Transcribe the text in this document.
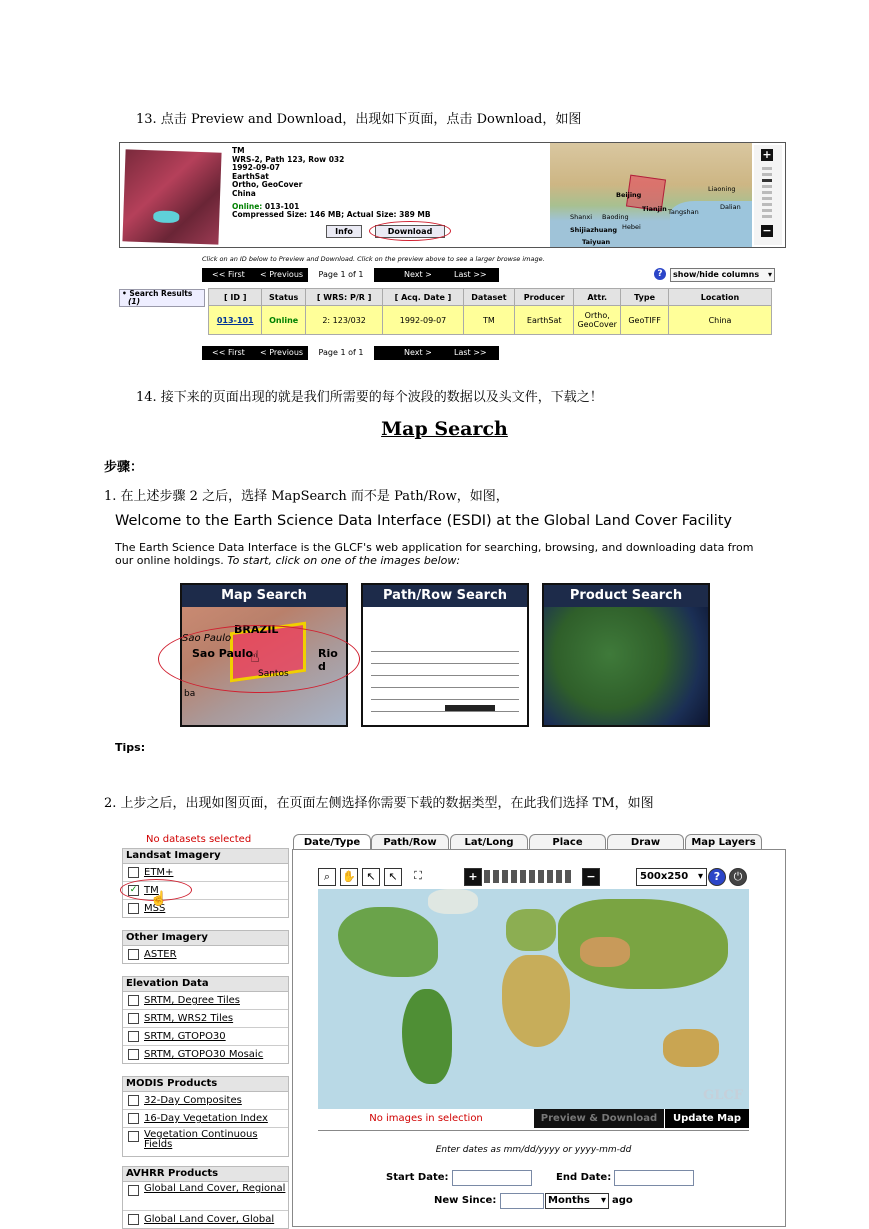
13. 点击 Preview and Download，出现如下页面，点击 Download，如图
TM
WRS-2, Path 123, Row 032
1992-09-07
EarthSat
Ortho, GeoCover
China
Online: 013-101
Compressed Size: 146 MB; Actual Size: 389 MB
Info	Download
Beijing
Tianjin
Liaoning
Tangshan
Baoding
Shijiazhuang Hebei
Taiyuan
Dalian
Shanxi
+
−
Click on an ID below to Preview and Download. Click on the preview above to see a larger browse image.
<< First < Previous	Page 1 of 1	Next >	Last >>	?	show/hide columns ▾
• Search Results
(1)	[ ID ]	Status	[ WRS: P/R ]	[ Acq. Date ]	Dataset	Producer	Attr.	Type	Location
013-101	Online	2: 123/032	1992-09-07	TM	EarthSat	Ortho, GeoCover	GeoTIFF	China
<< First < Previous	Page 1 of 1	Next >	Last >>
14. 接下来的页面出现的就是我们所需要的每个波段的数据以及头文件，下载之！
Map Search
步骤：
1. 在上述步骤 2 之后，选择 MapSearch 而不是 Path/Row，如图，
Welcome to the Earth Science Data Interface (ESDI) at the Global Land Cover Facility
The Earth Science Data Interface is the GLCF's web application for searching, browsing, and downloading data from our online holdings. To start, click on one of the images below:
Map Search
BRAZIL
Sao Paulo
Sao Paulo	Rio d
Santos
ba
☝
Path/Row Search	Product Search
Tips:
2. 上步之后，出现如图页面，在页面左侧选择你需要下载的数据类型，在此我们选择 TM，如图
No datasets selected
Landsat Imagery
ETM+
✓ TM
MSS
☝
Other Imagery
ASTER
Elevation Data
SRTM, Degree Tiles
SRTM, WRS2 Tiles
SRTM, GTOPO30
SRTM, GTOPO30 Mosaic
MODIS Products
32-Day Composites
16-Day Vegetation Index
Vegetation Continuous Fields
AVHRR Products
Global Land Cover, Regional
Global Land Cover, Global
Date/Type	Path/Row	Lat/Long	Place	Draw	Map Layers
⌕	✋ ↖	↖	⛶	+	−	500x250 ▾ ?	⏻
GLCF
No images in selection	Preview & Download	Update Map
Enter dates as mm/dd/yyyy or yyyy-mm-dd
Start Date:	End Date:
New Since:	Months ▾ ago
